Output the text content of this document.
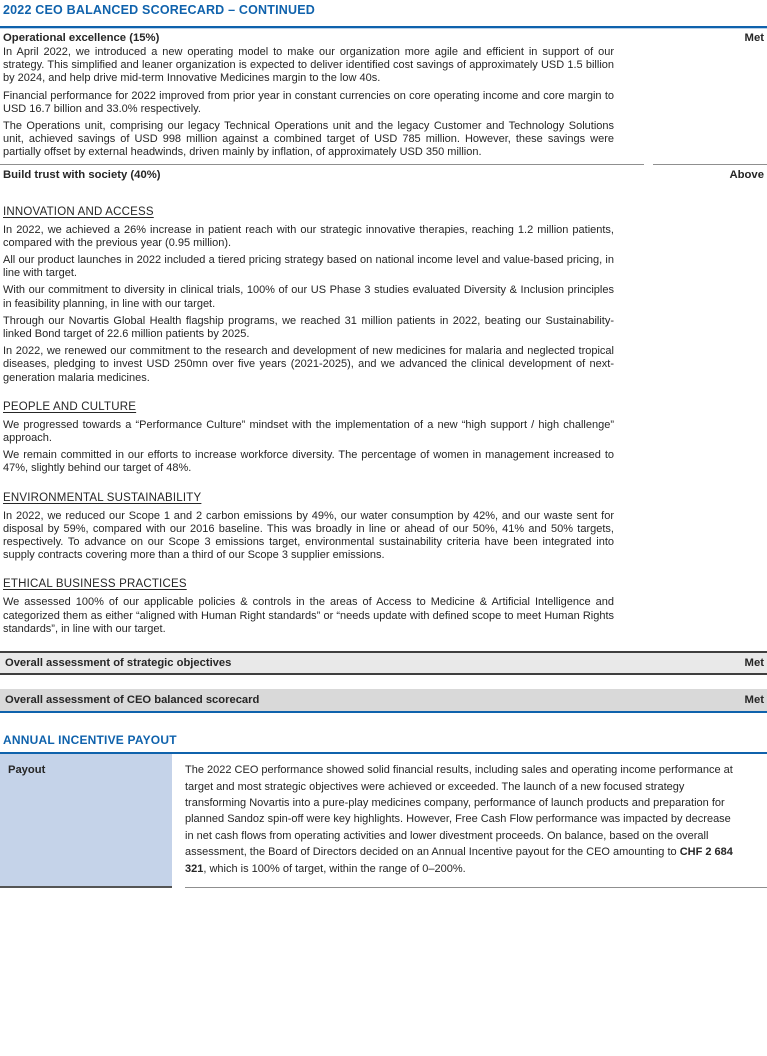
2022 CEO BALANCED SCORECARD – CONTINUED
Operational excellence (15%)	Met

In April 2022, we introduced a new operating model to make our organization more agile and efficient in support of our strategy. This simplified and leaner organization is expected to deliver identified cost savings of approximately USD 1.5 billion by 2024, and help drive mid-term Innovative Medicines margin to the low 40s.

Financial performance for 2022 improved from prior year in constant currencies on core operating income and core margin to USD 16.7 billion and 33.0% respectively.

The Operations unit, comprising our legacy Technical Operations unit and the legacy Customer and Technology Solutions unit, achieved savings of USD 998 million against a combined target of USD 785 million. However, these savings were partially offset by external headwinds, driven mainly by inflation, of approximately USD 350 million.

Build trust with society (40%)	Above
INNOVATION AND ACCESS

In 2022, we achieved a 26% increase in patient reach with our strategic innovative therapies, reaching 1.2 million patients, compared with the previous year (0.95 million).

All our product launches in 2022 included a tiered pricing strategy based on national income level and value-based pricing, in line with target.

With our commitment to diversity in clinical trials, 100% of our US Phase 3 studies evaluated Diversity & Inclusion principles in feasibility planning, in line with our target.

Through our Novartis Global Health flagship programs, we reached 31 million patients in 2022, beating our Sustainability-linked Bond target of 22.6 million patients by 2025.

In 2022, we renewed our commitment to the research and development of new medicines for malaria and neglected tropical diseases, pledging to invest USD 250mn over five years (2021-2025), and we advanced the clinical development of next-generation malaria medicines.

PEOPLE AND CULTURE

We progressed towards a “Performance Culture” mindset with the implementation of a new “high support / high challenge” approach.

We remain committed in our efforts to increase workforce diversity. The percentage of women in management increased to 47%, slightly behind our target of 48%.

ENVIRONMENTAL SUSTAINABILITY

In 2022, we reduced our Scope 1 and 2 carbon emissions by 49%, our water consumption by 42%, and our waste sent for disposal by 59%, compared with our 2016 baseline. This was broadly in line or ahead of our 50%, 41% and 50% targets, respectively. To advance on our Scope 3 emissions target, environmental sustainability criteria have been integrated into supply contracts covering more than a third of our Scope 3 supplier emissions.

ETHICAL BUSINESS PRACTICES

We assessed 100% of our applicable policies & controls in the areas of Access to Medicine & Artificial Intelligence and categorized them as either “aligned with Human Right standards” or “needs update with defined scope to meet Human Rights standards”, in line with our target.

Overall assessment of strategic objectives	Met
Overall assessment of CEO balanced scorecard	Met
ANNUAL INCENTIVE PAYOUT
Payout	The 2022 CEO performance showed solid financial results, including sales and operating income performance at target and most strategic objectives were achieved or exceeded. The launch of a new focused strategy transforming Novartis into a pure-play medicines company, performance of launch products and preparation for planned Sandoz spin-off were key highlights. However, Free Cash Flow performance was impacted by decrease in net cash flows from operating activities and lower divestment proceeds. On balance, based on the overall assessment, the Board of Directors decided on an Annual Incentive payout for the CEO amounting to CHF 2 684 321, which is 100% of target, within the range of 0–200%.
